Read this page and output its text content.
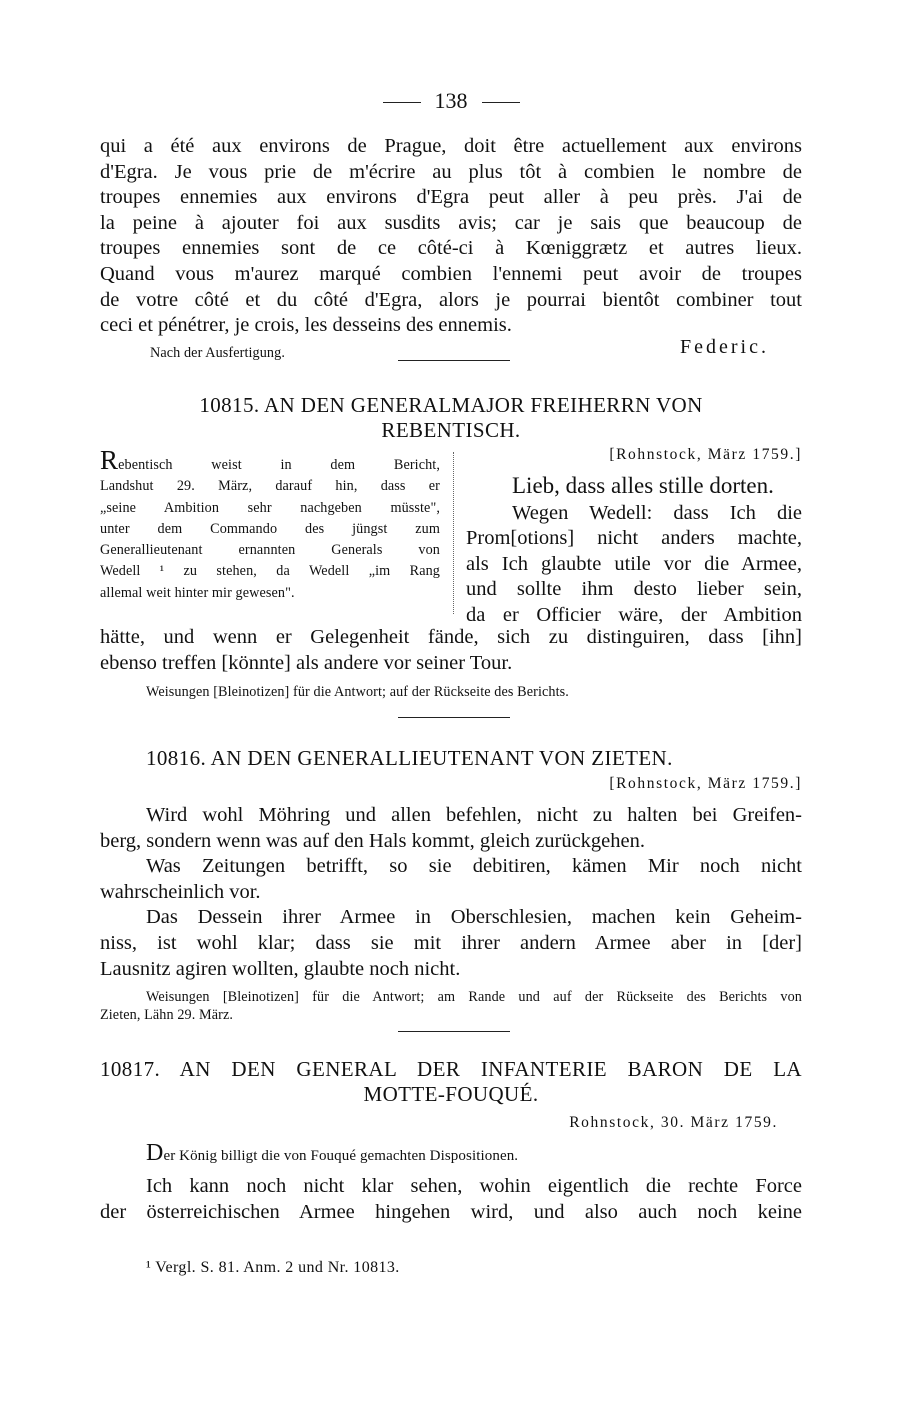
138
qui a été aux environs de Prague, doit être actuellement aux environs
d'Egra. Je vous prie de m'écrire au plus tôt à combien le nombre de
troupes ennemies aux environs d'Egra peut aller à peu près. J'ai de
la peine à ajouter foi aux susdits avis; car je sais que beaucoup de
troupes ennemies sont de ce côté-ci à Kœniggrætz et autres lieux.
Quand vous m'aurez marqué combien l'ennemi peut avoir de troupes
de votre côté et du côté d'Egra, alors je pourrai bientôt combiner tout
ceci et pénétrer, je crois, les desseins des ennemis.
Nach der Ausfertigung.	Federic.
10815. AN DEN GENERALMAJOR FREIHERRN VON
REBENTISCH.
Rebentisch weist in dem Bericht,
Landshut 29. März, darauf hin, dass er
„seine Ambition sehr nachgeben müsste",
unter dem Commando des jüngst zum
Generallieutenant ernannten Generals von
Wedell ¹ zu stehen, da Wedell „im Rang
allemal weit hinter mir gewesen".
[Rohnstock, März 1759.]
Lieb, dass alles stille dorten.
Wegen Wedell: dass Ich die
Prom[otions] nicht anders machte,
als Ich glaubte utile vor die Armee,
und sollte ihm desto lieber sein,
da er Officier wäre, der Ambition
hätte, und wenn er Gelegenheit fände, sich zu distinguiren, dass [ihn]
ebenso treffen [könnte] als andere vor seiner Tour.
Weisungen [Bleinotizen] für die Antwort; auf der Rückseite des Berichts.
10816. AN DEN GENERALLIEUTENANT VON ZIETEN.
[Rohnstock, März 1759.]
Wird wohl Möhring und allen befehlen, nicht zu halten bei Greifen-
berg, sondern wenn was auf den Hals kommt, gleich zurückgehen.
Was Zeitungen betrifft, so sie debitiren, kämen Mir noch nicht
wahrscheinlich vor.
Das Dessein ihrer Armee in Oberschlesien, machen kein Geheim-
niss, ist wohl klar; dass sie mit ihrer andern Armee aber in [der]
Lausnitz agiren wollten, glaubte noch nicht.
Weisungen [Bleinotizen] für die Antwort; am Rande und auf der Rückseite des Berichts von
Zieten, Lähn 29. März.
10817. AN DEN GENERAL DER INFANTERIE BARON DE LA
MOTTE-FOUQUÉ.
Rohnstock, 30. März 1759.
Der König billigt die von Fouqué gemachten Dispositionen.
Ich kann noch nicht klar sehen, wohin eigentlich die rechte Force
der österreichischen Armee hingehen wird, und also auch noch keine
¹ Vergl. S. 81. Anm. 2 und Nr. 10813.
